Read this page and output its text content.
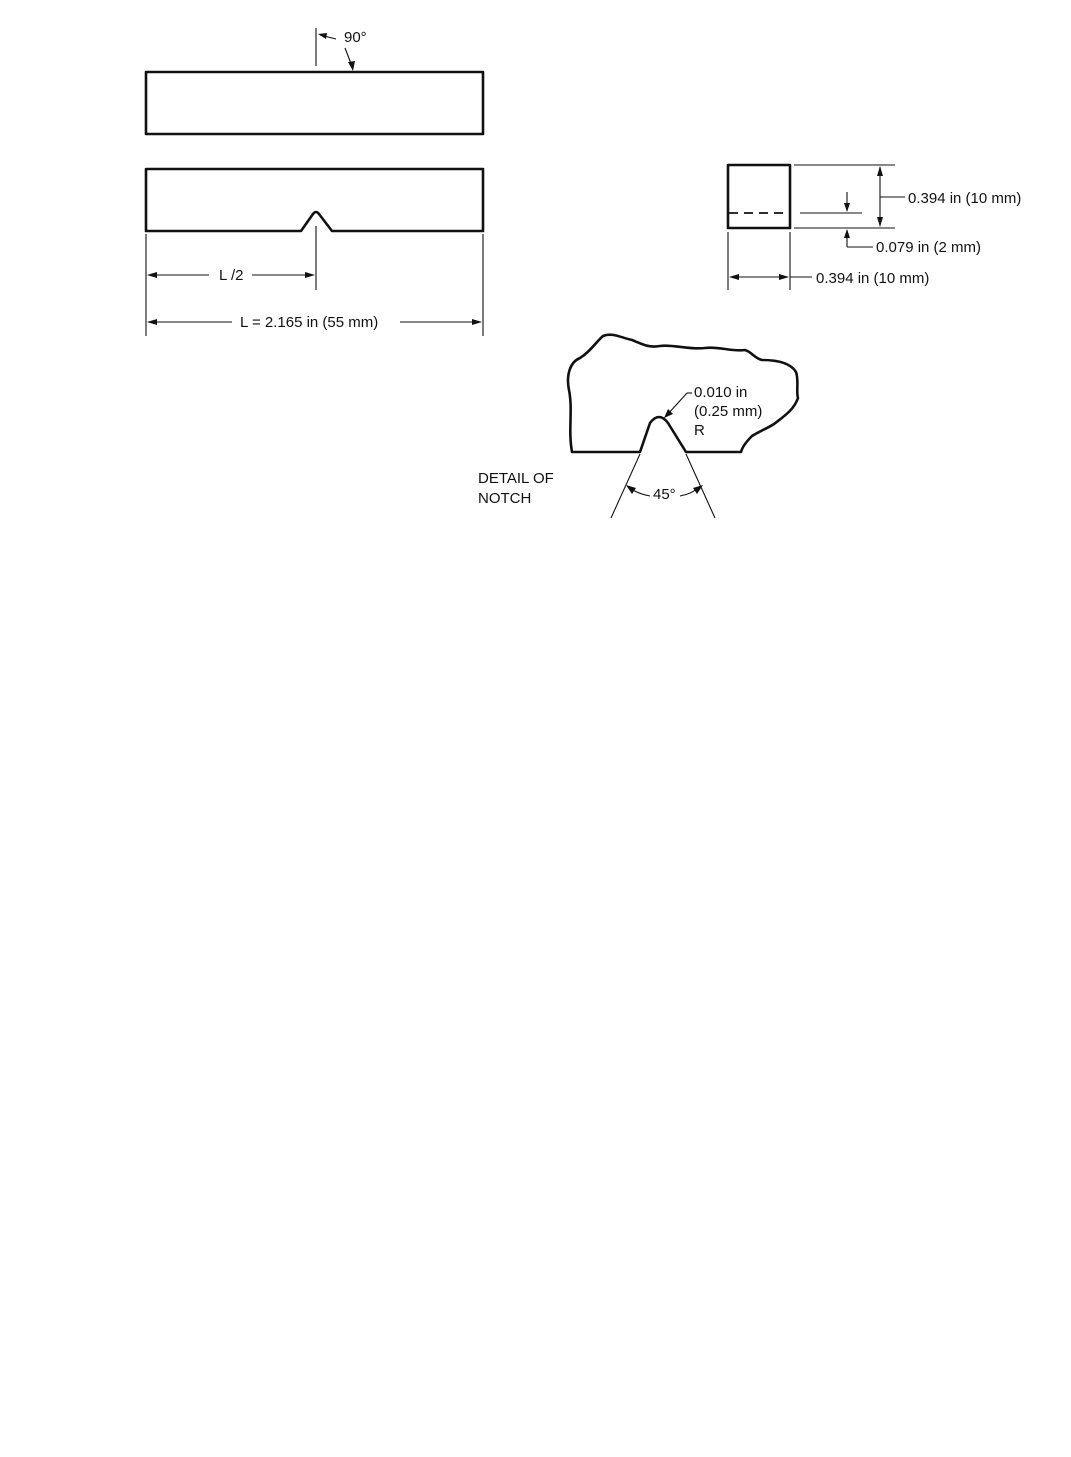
90°
L /2
L = 2.165 in (55 mm)
0.394 in (10 mm)
0.079 in (2 mm)
0.394 in (10 mm)
0.010 in
(0.25 mm)
R
45°
DETAIL OF
NOTCH
